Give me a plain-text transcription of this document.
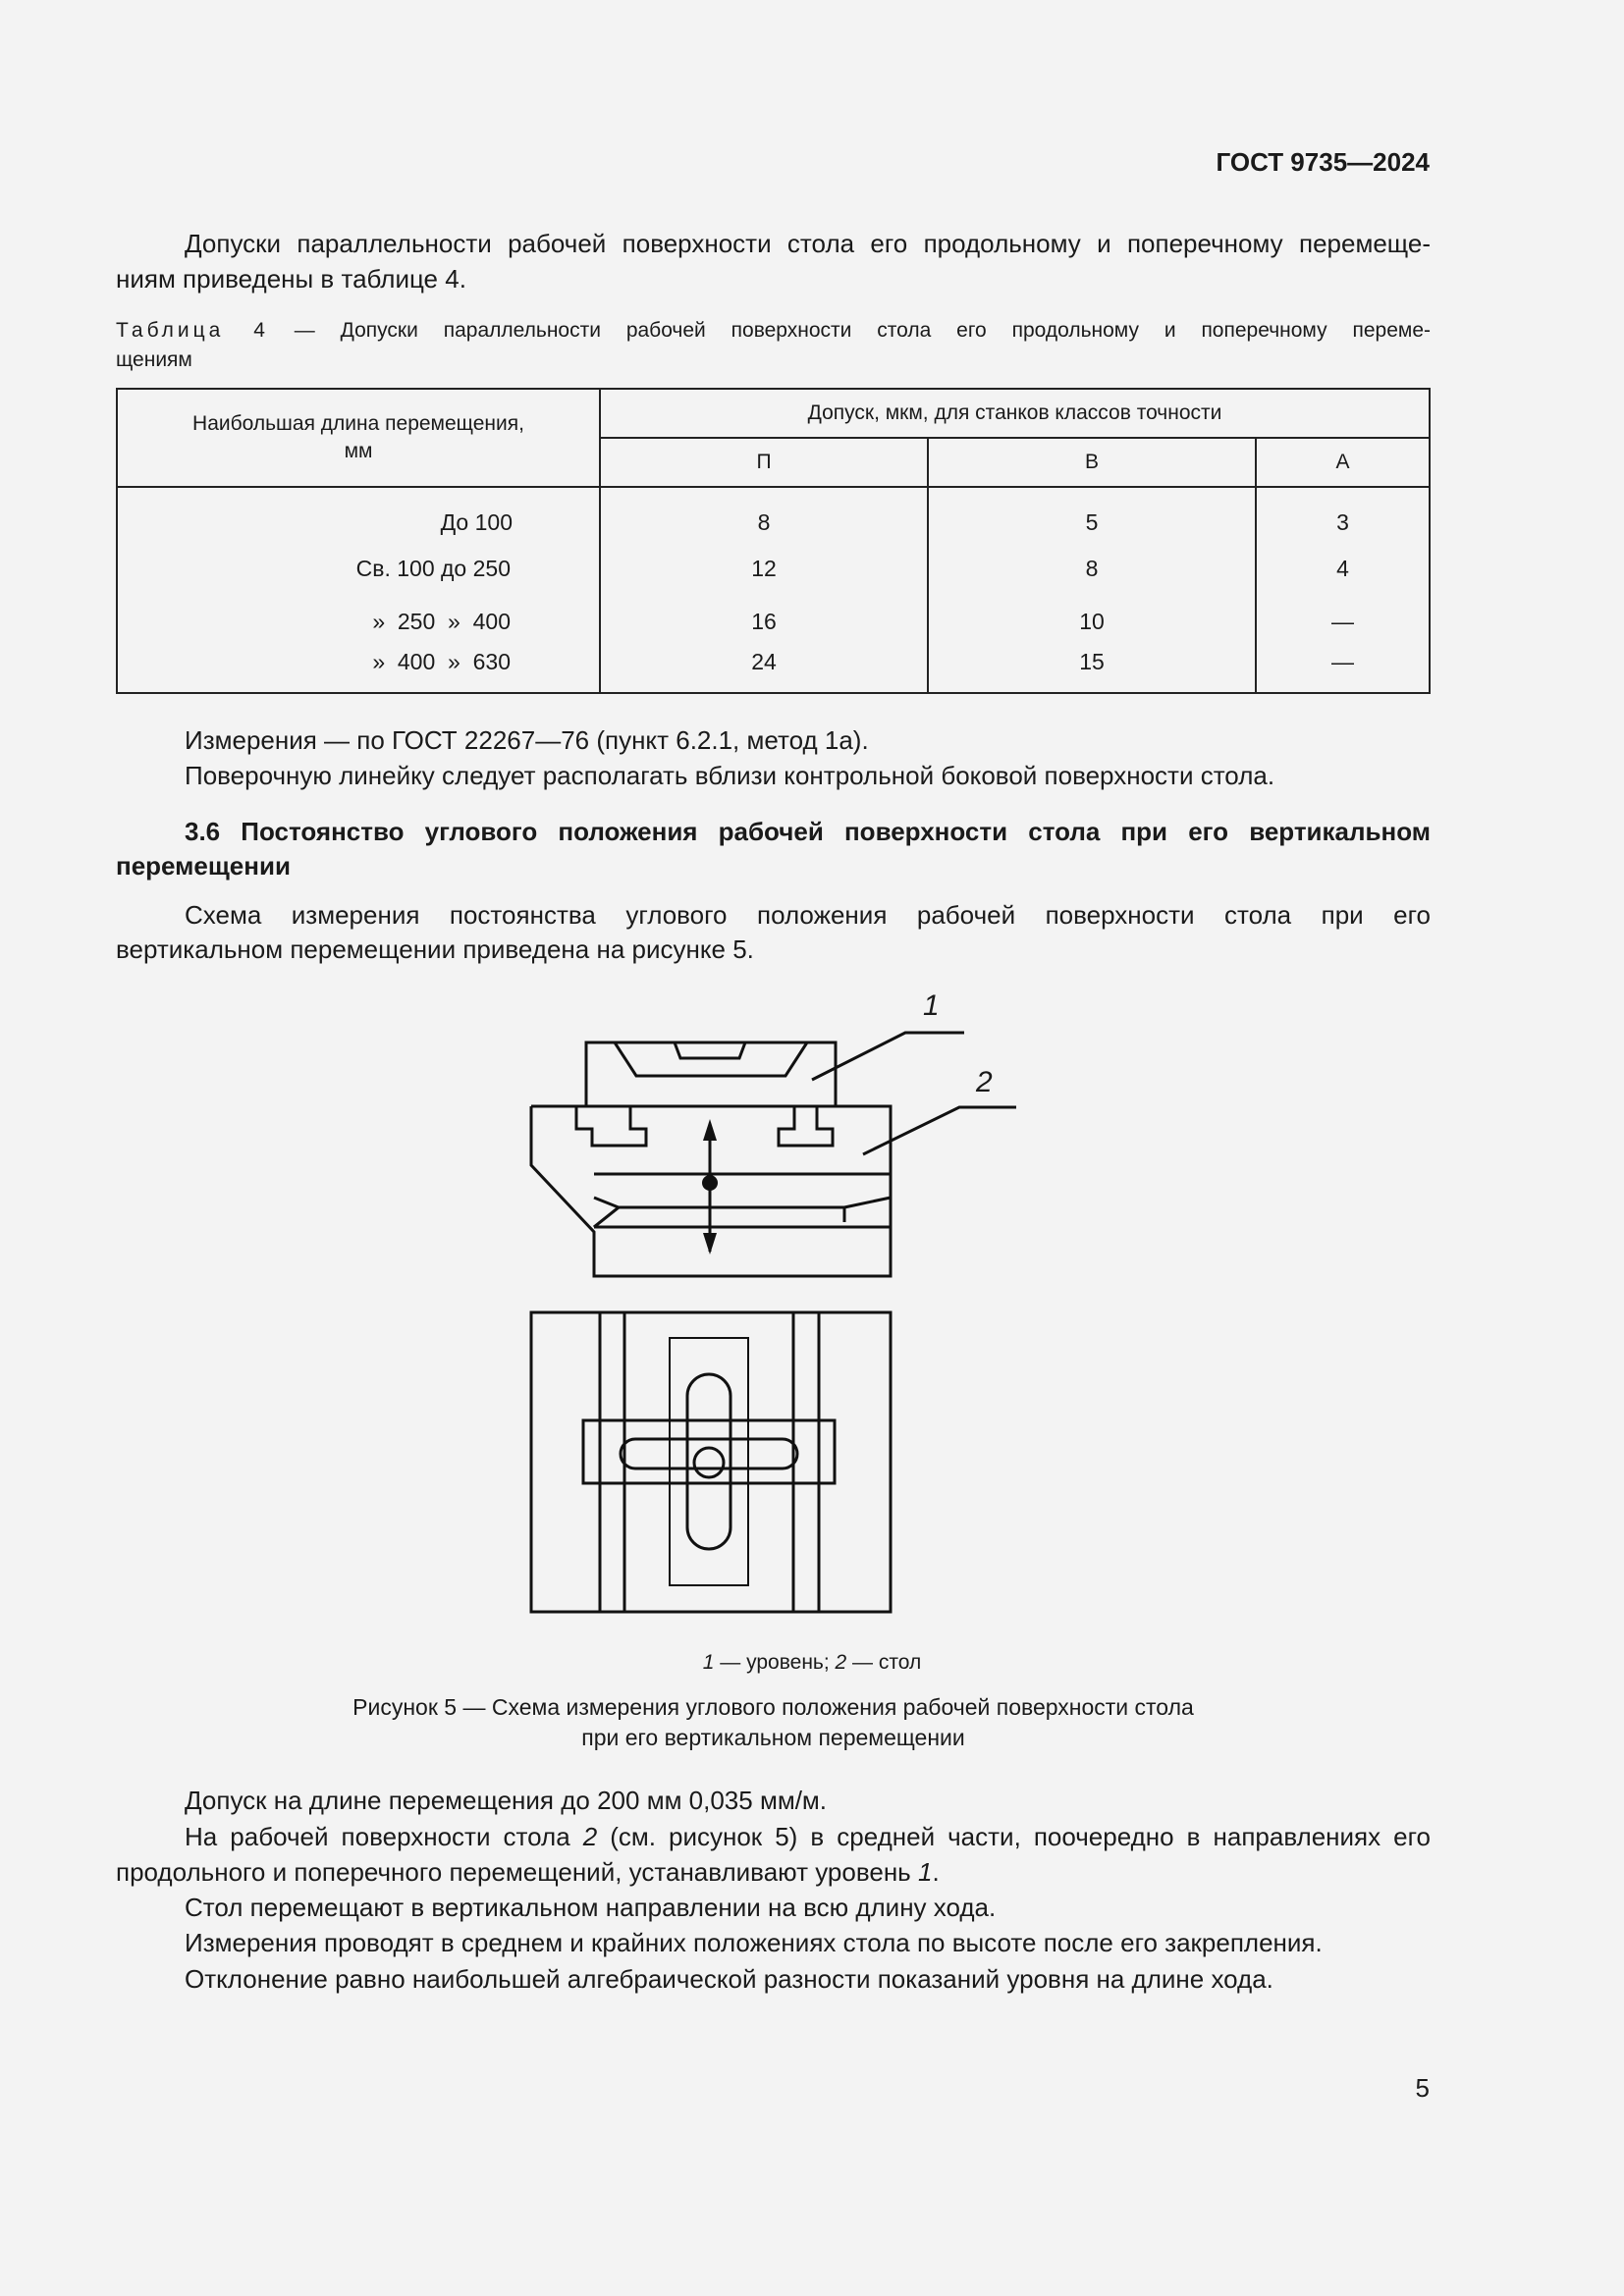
ГОСТ 9735—2024
Допуски параллельности рабочей поверхности стола его продольному и поперечному перемеще-
ниям приведены в таблице 4.
Таблица 4 — Допуски параллельности рабочей поверхности стола его продольному и поперечному переме-
щениям
Наибольшая длина перемещения, мм	Допуск, мкм, для станков классов точности		
	П	В	А
До 100	8	5	3
Св. 100 до 250	12	8	4
»  250  »  400	16	10	—
»  400  »  630	24	15	—
Измерения — по ГОСТ 22267—76 (пункт 6.2.1, метод 1а).
Поверочную линейку следует располагать вблизи контрольной боковой поверхности стола.
3.6 Постоянство углового положения рабочей поверхности стола при его вертикальном
перемещении
Схема измерения постоянства углового положения рабочей поверхности стола при его
вертикальном перемещении приведена на рисунке 5.
1
2
1 — уровень; 2 — стол
Рисунок 5 — Схема измерения углового положения рабочей поверхности стола
при его вертикальном перемещении
Допуск на длине перемещения до 200 мм 0,035 мм/м.
На рабочей поверхности стола 2 (см. рисунок 5) в средней части, поочередно в направлениях его
продольного и поперечного перемещений, устанавливают уровень 1.
Стол перемещают в вертикальном направлении на всю длину хода.
Измерения проводят в среднем и крайних положениях стола по высоте после его закрепления.
Отклонение равно наибольшей алгебраической разности показаний уровня на длине хода.
5
